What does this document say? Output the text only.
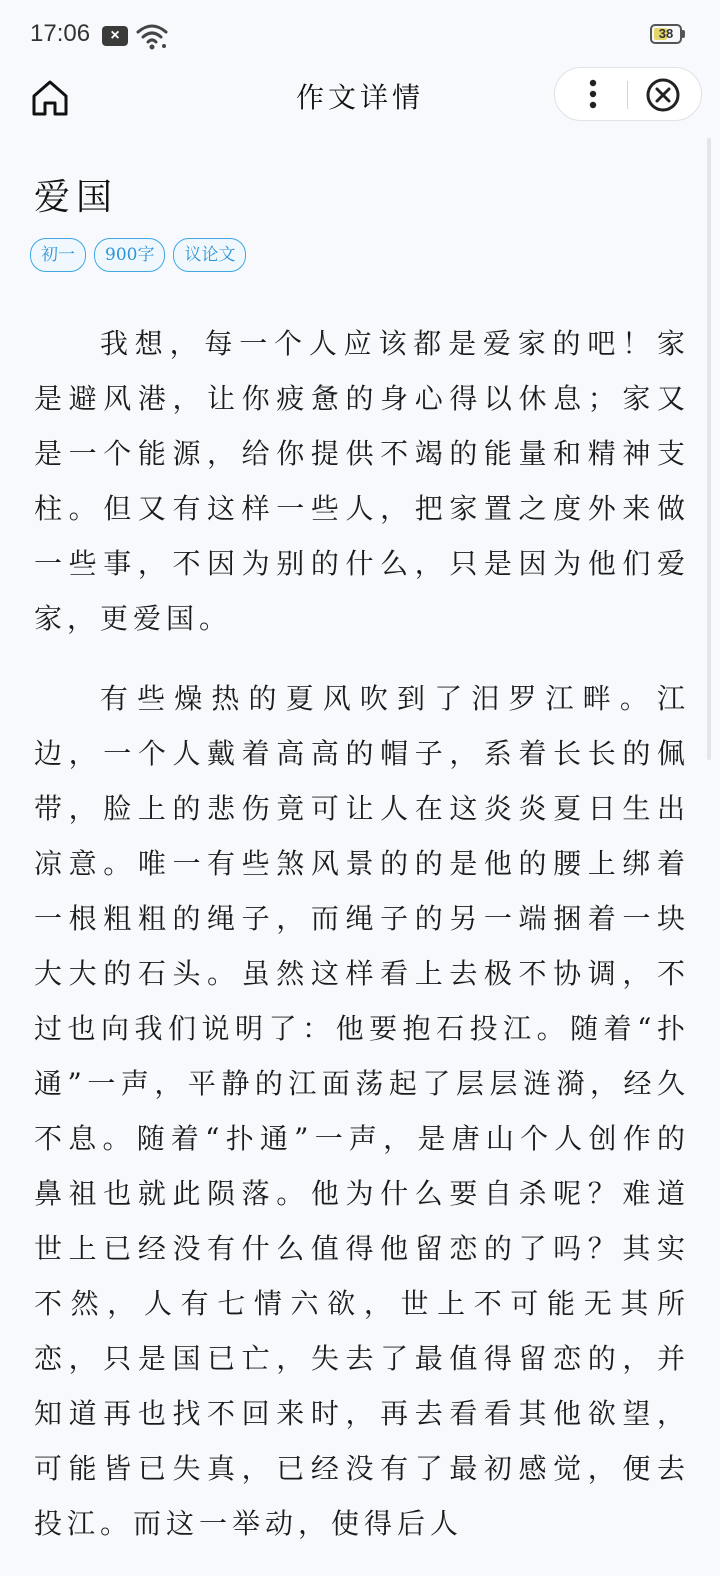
17:06	×	38
作文详情
爱国
初一	900字	议论文

我想，每一个人应该都是爱家的吧！家是避风港，让你疲惫的身心得以休息；家又是一个能源，给你提供不竭的能量和精神支柱。但又有这样一些人，把家置之度外来做一些事，不因为别的什么，只是因为他们爱家，更爱国。

有些燥热的夏风吹到了汨罗江畔。江边，一个人戴着高高的帽子，系着长长的佩带，脸上的悲伤竟可让人在这炎炎夏日生出凉意。唯一有些煞风景的的是他的腰上绑着一根粗粗的绳子，而绳子的另一端捆着一块大大的石头。虽然这样看上去极不协调，不过也向我们说明了：他要抱石投江。随着“扑通”一声，平静的江面荡起了层层涟漪，经久不息。随着“扑通”一声，是唐山个人创作的鼻祖也就此陨落。他为什么要自杀呢？难道世上已经没有什么值得他留恋的了吗？其实不然，人有七情六欲，世上不可能无其所恋，只是国已亡，失去了最值得留恋的，并知道再也找不回来时，再去看看其他欲望，可能皆已失真，已经没有了最初感觉，便去投江。而这一举动，使得后人
